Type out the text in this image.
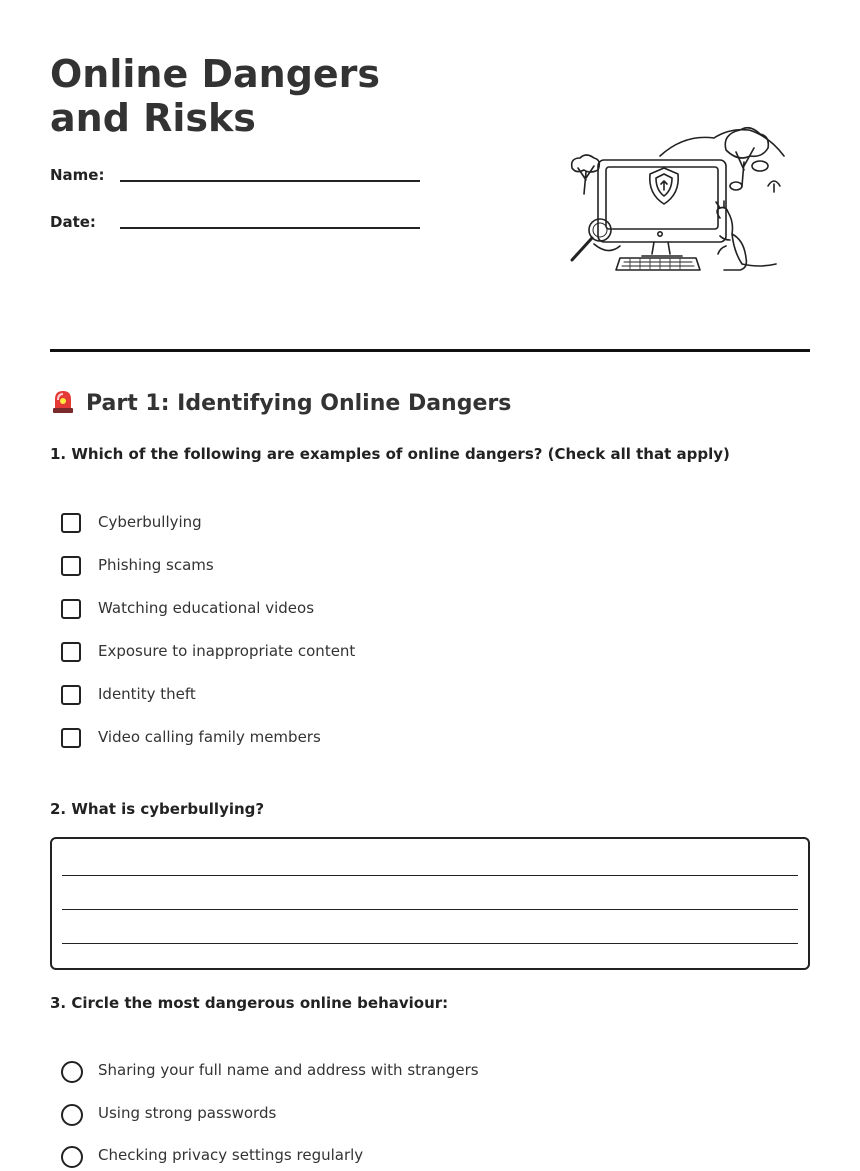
Online Dangers and Risks
Name:
Date:
Part 1: Identifying Online Dangers

1. Which of the following are examples of online dangers? (Check all that apply)

Cyberbullying
Phishing scams
Watching educational videos
Exposure to inappropriate content
Identity theft
Video calling family members

2. What is cyberbullying?

3. Circle the most dangerous online behaviour:

Sharing your full name and address with strangers
Using strong passwords
Checking privacy settings regularly
